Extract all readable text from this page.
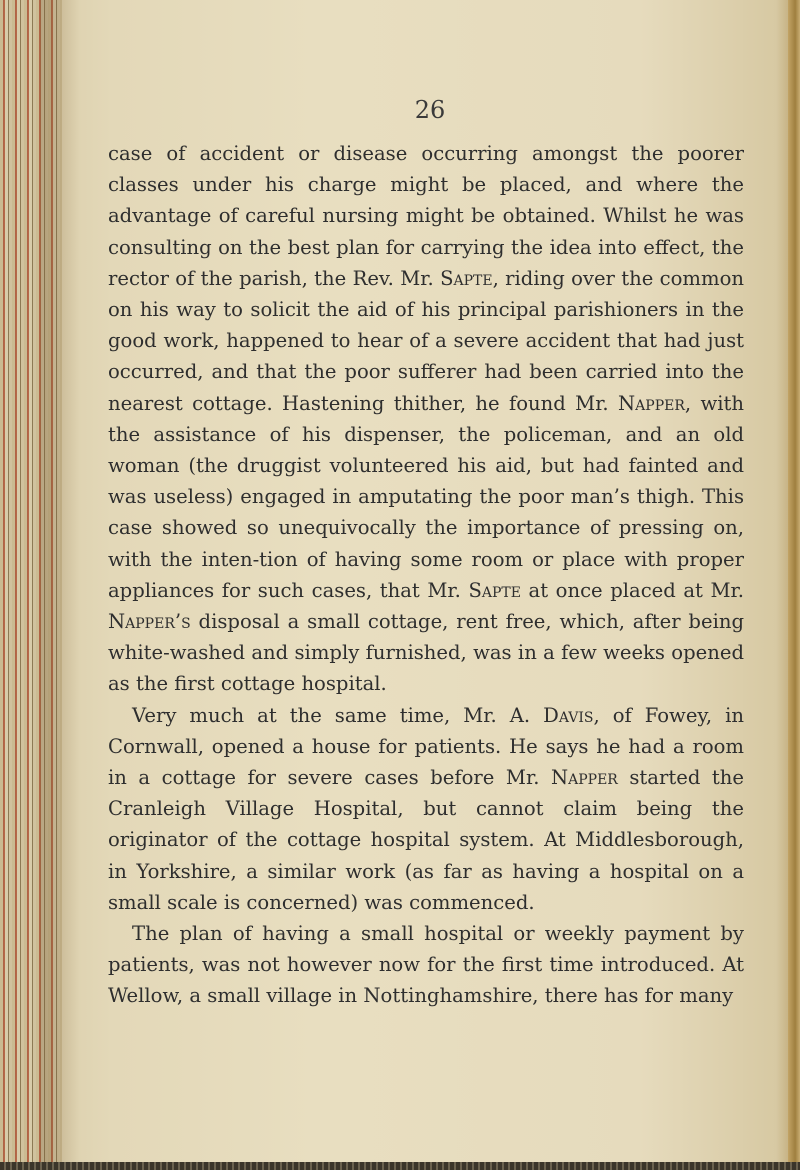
26

case of accident or disease occurring amongst the poorer classes under his charge might be placed, and where the advantage of careful nursing might be obtained. Whilst he was consulting on the best plan for carrying the idea into effect, the rector of the parish, the Rev. Mr. Sapte, riding over the common on his way to solicit the aid of his principal parishioners in the good work, happened to hear of a severe accident that had just occurred, and that the poor sufferer had been carried into the nearest cottage. Hastening thither, he found Mr. Napper, with the assistance of his dispenser, the policeman, and an old woman (the druggist volunteered his aid, but had fainted and was useless) engaged in amputating the poor man’s thigh. This case showed so unequivocally the importance of pressing on, with the inten-tion of having some room or place with proper appliances for such cases, that Mr. Sapte at once placed at Mr. Napper’s disposal a small cottage, rent free, which, after being white-washed and simply furnished, was in a few weeks opened as the first cottage hospital.

Very much at the same time, Mr. A. Davis, of Fowey, in Cornwall, opened a house for patients. He says he had a room in a cottage for severe cases before Mr. Napper started the Cranleigh Village Hospital, but cannot claim being the originator of the cottage hospital system. At Middlesborough, in Yorkshire, a similar work (as far as having a hospital on a small scale is concerned) was commenced.

The plan of having a small hospital or weekly payment by patients, was not however now for the first time introduced. At Wellow, a small village in Nottinghamshire, there has for many
